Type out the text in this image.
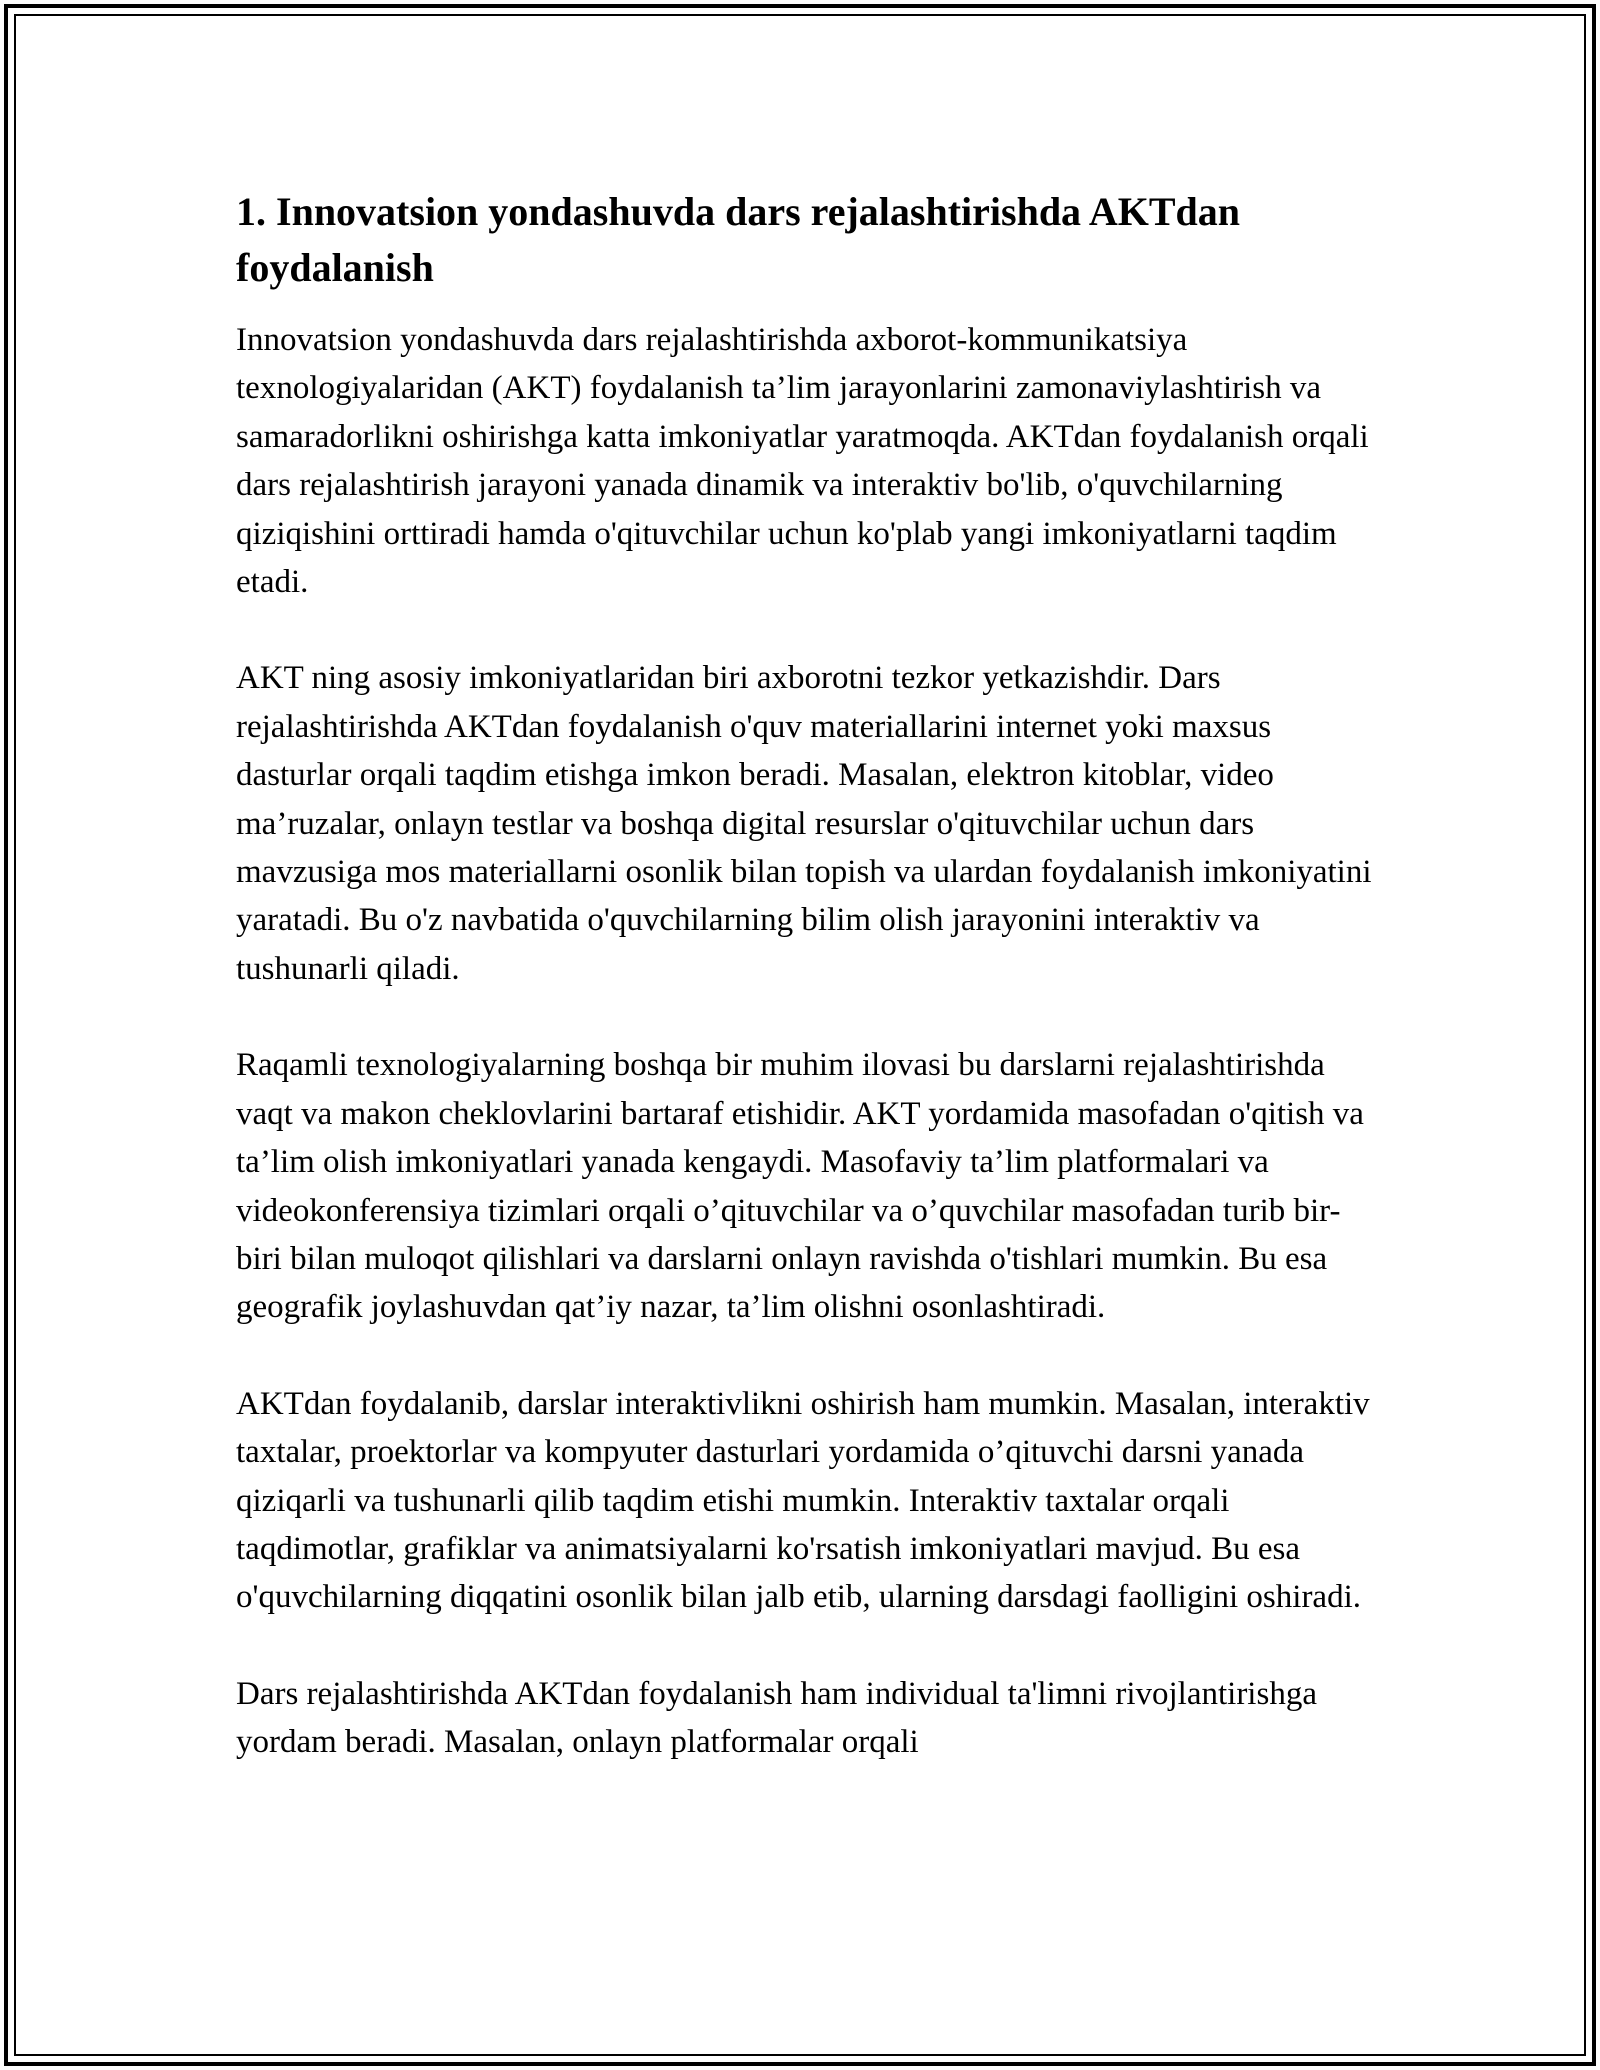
1. Innovatsion yondashuvda dars rejalashtirishda AKTdan foydalanish

Innovatsion yondashuvda dars rejalashtirishda axborot-kommunikatsiya texnologiyalaridan (AKT) foydalanish ta’lim jarayonlarini zamonaviylashtirish va samaradorlikni oshirishga katta imkoniyatlar yaratmoqda. AKTdan foydalanish orqali dars rejalashtirish jarayoni yanada dinamik va interaktiv bo'lib, o'quvchilarning qiziqishini orttiradi hamda o'qituvchilar uchun ko'plab yangi imkoniyatlarni taqdim etadi.

AKT ning asosiy imkoniyatlaridan biri axborotni tezkor yetkazishdir. Dars rejalashtirishda AKTdan foydalanish o'quv materiallarini internet yoki maxsus dasturlar orqali taqdim etishga imkon beradi. Masalan, elektron kitoblar, video ma’ruzalar, onlayn testlar va boshqa digital resurslar o'qituvchilar uchun dars mavzusiga mos materiallarni osonlik bilan topish va ulardan foydalanish imkoniyatini yaratadi. Bu o'z navbatida o'quvchilarning bilim olish jarayonini interaktiv va tushunarli qiladi.

Raqamli texnologiyalarning boshqa bir muhim ilovasi bu darslarni rejalashtirishda vaqt va makon cheklovlarini bartaraf etishidir. AKT yordamida masofadan o'qitish va ta’lim olish imkoniyatlari yanada kengaydi. Masofaviy ta’lim platformalari va videokonferensiya tizimlari orqali o’qituvchilar va o’quvchilar masofadan turib bir-biri bilan muloqot qilishlari va darslarni onlayn ravishda o'tishlari mumkin. Bu esa geografik joylashuvdan qat’iy nazar, ta’lim olishni osonlashtiradi.

AKTdan foydalanib, darslar interaktivlikni oshirish ham mumkin. Masalan, interaktiv taxtalar, proektorlar va kompyuter dasturlari yordamida o’qituvchi darsni yanada qiziqarli va tushunarli qilib taqdim etishi mumkin. Interaktiv taxtalar orqali taqdimotlar, grafiklar va animatsiyalarni ko'rsatish imkoniyatlari mavjud. Bu esa o'quvchilarning diqqatini osonlik bilan jalb etib, ularning darsdagi faolligini oshiradi.

Dars rejalashtirishda AKTdan foydalanish ham individual ta'limni rivojlantirishga yordam beradi. Masalan, onlayn platformalar orqali
